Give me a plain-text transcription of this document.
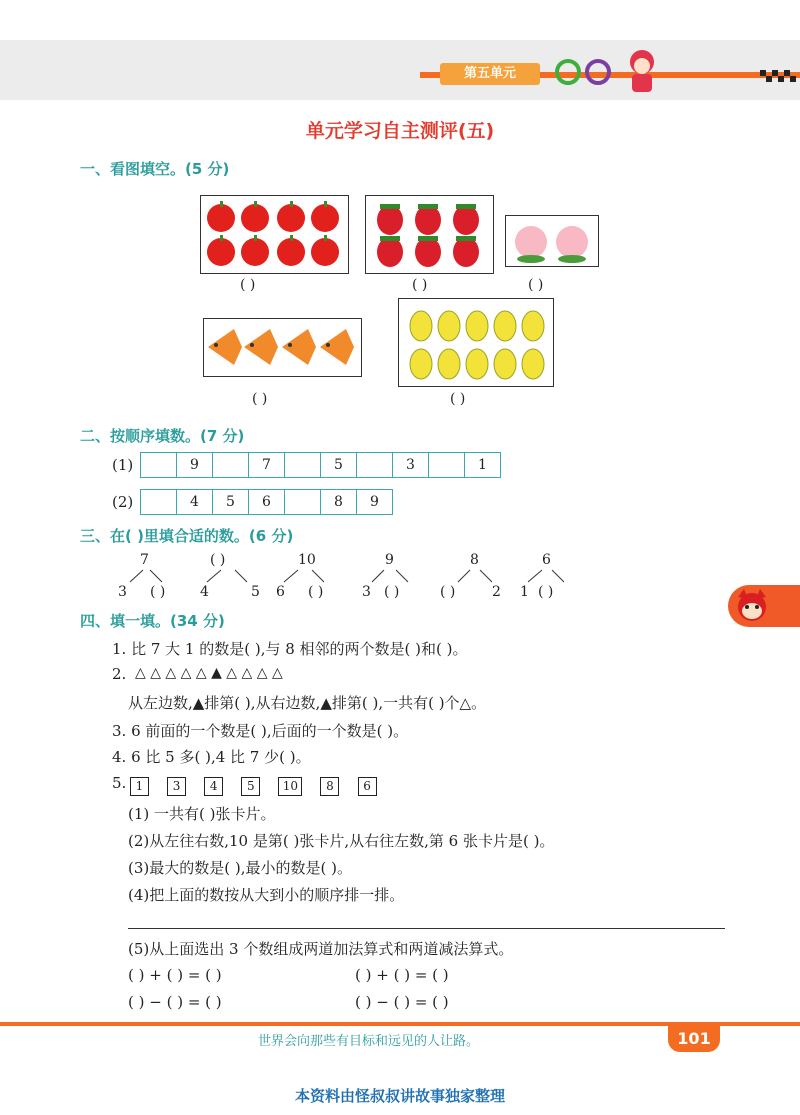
第五单元
单元学习自主测评(五)
一、看图填空。(5 分)
( )	( )	( )
( )	( )
二、按顺序填数。(7 分)
(1)	9	7	5	3	1
(2)	4	5	6	8	9
三、在( )里填合适的数。(6 分)
7
3 ( )
( )
4	5
10
6 ( )
9
3 ( )
8
( )	2
6
1 ( )
四、填一填。(34 分)
1. 比 7 大 1 的数是( ),与 8 相邻的两个数是( )和( )。
2. △ △ △ △ △ ▲ △ △ △ △
从左边数,▲排第( ),从右边数,▲排第( ),一共有( )个△。
3. 6 前面的一个数是( ),后面的一个数是( )。
4. 6 比 5 多( ),4 比 7 少( )。
5. 1 3 4 5 10 8 6
(1) 一共有( )张卡片。
(2)从左往右数,10 是第( )张卡片,从右往左数,第 6 张卡片是( )。
(3)最大的数是( ),最小的数是( )。
(4)把上面的数按从大到小的顺序排一排。
(5)从上面选出 3 个数组成两道加法算式和两道减法算式。
( ) + ( ) = ( )	( ) + ( ) = ( )
( ) − ( ) = ( )	( ) − ( ) = ( )
世界会向那些有目标和远见的人让路。	101
本资料由怪叔叔讲故事独家整理
